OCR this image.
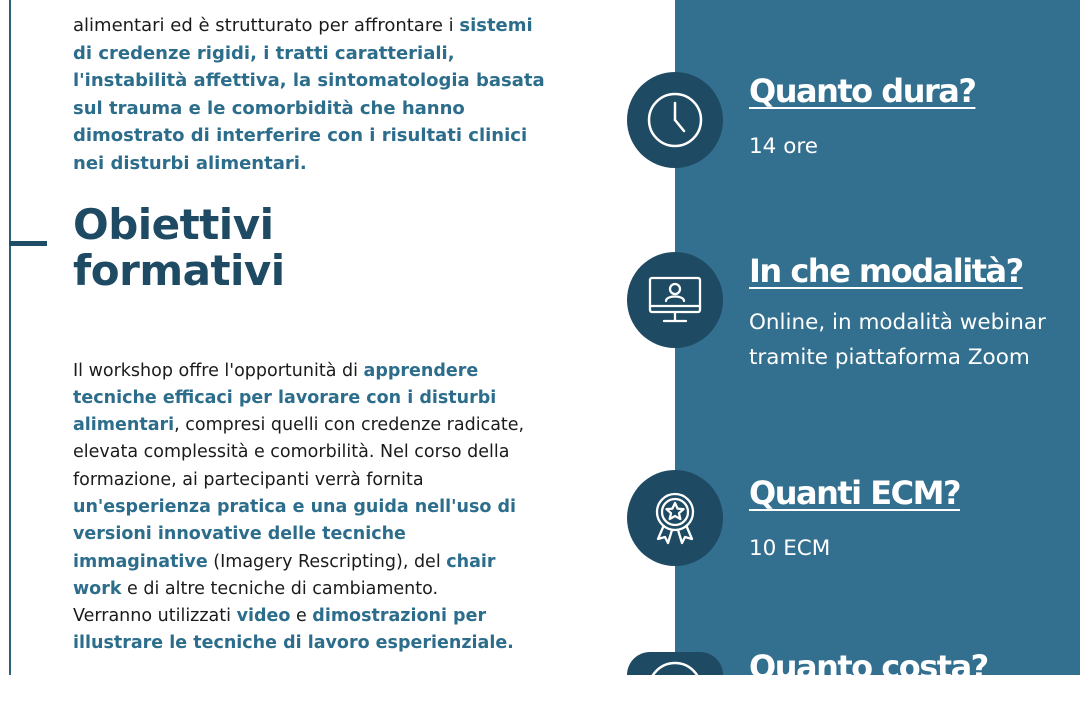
alimentari ed è strutturato per affrontare i sistemi di credenze rigidi, i tratti caratteriali, l'instabilità affettiva, la sintomatologia basata sul trauma e le comorbidità che hanno dimostrato di interferire con i risultati clinici nei disturbi alimentari.

Obiettivi
formativi

Il workshop offre l'opportunità di apprendere tecniche efficaci per lavorare con i disturbi alimentari, compresi quelli con credenze radicate, elevata complessità e comorbilità. Nel corso della formazione, ai partecipanti verrà fornita un'esperienza pratica e una guida nell'uso di versioni innovative delle tecniche immaginative (Imagery Rescripting), del chair work e di altre tecniche di cambiamento.
Verranno utilizzati video e dimostrazioni per illustrare le tecniche di lavoro esperienziale.

Quanto dura?

14 ore

In che modalità?

Online, in modalità webinar tramite piattaforma Zoom

Quanti ECM?

10 ECM

Quanto costa?
